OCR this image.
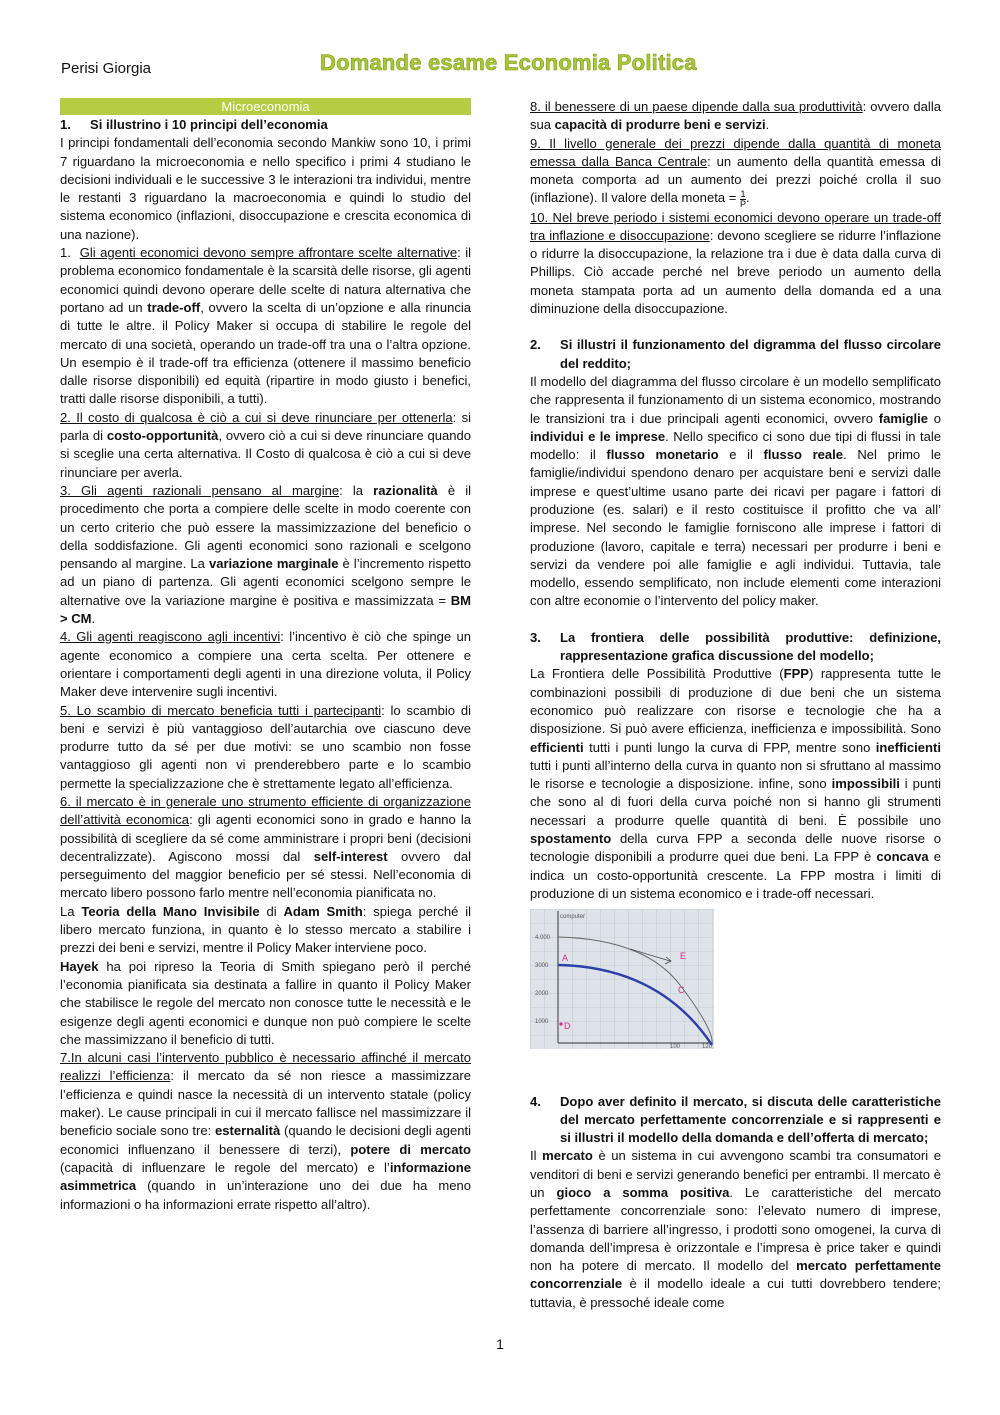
Perisi Giorgia	Domande esame Economia Politica
Microeconomia
1.	Si illustrino i 10 principi dell’economia

I principi fondamentali dell’economia secondo Mankiw sono 10, i primi 7 riguardano la microeconomia e nello specifico i primi 4 studiano le decisioni individuali e le successive 3 le interazioni tra individui, mentre le restanti 3 riguardano la macroeconomia e quindi lo studio del sistema economico (inflazioni, disoccupazione e crescita economica di una nazione).

1. Gli agenti economici devono sempre affrontare scelte alternative: il problema economico fondamentale è la scarsità delle risorse, gli agenti economici quindi devono operare delle scelte di natura alternativa che portano ad un trade-off, ovvero la scelta di un’opzione e alla rinuncia di tutte le altre. il Policy Maker si occupa di stabilire le regole del mercato di una società, operando un trade-off tra una o l’altra opzione. Un esempio è il trade-off tra efficienza (ottenere il massimo beneficio dalle risorse disponibili) ed equità (ripartire in modo giusto i benefici, tratti dalle risorse disponibili, a tutti).

2. Il costo di qualcosa è ciò a cui si deve rinunciare per ottenerla: si parla di costo-opportunità, ovvero ciò a cui si deve rinunciare quando si sceglie una certa alternativa. Il Costo di qualcosa è ciò a cui si deve rinunciare per averla.

3. Gli agenti razionali pensano al margine: la razionalità è il procedimento che porta a compiere delle scelte in modo coerente con un certo criterio che può essere la massimizzazione del beneficio o della soddisfazione. Gli agenti economici sono razionali e scelgono pensando al margine. La variazione marginale è l’incremento rispetto ad un piano di partenza. Gli agenti economici scelgono sempre le alternative ove la variazione margine è positiva e massimizzata = BM > CM.

4. Gli agenti reagiscono agli incentivi: l’incentivo è ciò che spinge un agente economico a compiere una certa scelta. Per ottenere e orientare i comportamenti degli agenti in una direzione voluta, il Policy Maker deve intervenire sugli incentivi.

5. Lo scambio di mercato beneficia tutti i partecipanti: lo scambio di beni e servizi è più vantaggioso dell’autarchia ove ciascuno deve produrre tutto da sé per due motivi: se uno scambio non fosse vantaggioso gli agenti non vi prenderebbero parte e lo scambio permette la specializzazione che è strettamente legato all’efficienza.

6. il mercato è in generale uno strumento efficiente di organizzazione dell’attività economica: gli agenti economici sono in grado e hanno la possibilità di scegliere da sé come amministrare i propri beni (decisioni decentralizzate). Agiscono mossi dal self-interest ovvero dal perseguimento del maggior beneficio per sé stessi. Nell’economia di mercato libero possono farlo mentre nell’economia pianificata no.

La Teoria della Mano Invisibile di Adam Smith: spiega perché il libero mercato funziona, in quanto è lo stesso mercato a stabilire i prezzi dei beni e servizi, mentre il Policy Maker interviene poco.

Hayek ha poi ripreso la Teoria di Smith spiegano però il perché l’economia pianificata sia destinata a fallire in quanto il Policy Maker che stabilisce le regole del mercato non conosce tutte le necessità e le esigenze degli agenti economici e dunque non può compiere le scelte che massimizzano il beneficio di tutti.

7.In alcuni casi l’intervento pubblico è necessario affinché il mercato realizzi l’efficienza: il mercato da sé non riesce a massimizzare l’efficienza e quindi nasce la necessità di un intervento statale (policy maker). Le cause principali in cui il mercato fallisce nel massimizzare il beneficio sociale sono tre: esternalità (quando le decisioni degli agenti economici influenzano il benessere di terzi), potere di mercato (capacità di influenzare le regole del mercato) e l’informazione asimmetrica (quando in un’interazione uno dei due ha meno informazioni o ha informazioni errate rispetto all’altro).

8. il benessere di un paese dipende dalla sua produttività: ovvero dalla sua capacità di produrre beni e servizi.

9. Il livello generale dei prezzi dipende dalla quantità di moneta emessa dalla Banca Centrale: un aumento della quantità emessa di moneta comporta ad un aumento dei prezzi poiché crolla il suo (inflazione). Il valore della moneta = $\frac{1}{P}$ .

10. Nel breve periodo i sistemi economici devono operare un trade-off tra inflazione e disoccupazione: devono scegliere se ridurre l’inflazione o ridurre la disoccupazione, la relazione tra i due è data dalla curva di Phillips. Ciò accade perché nel breve periodo un aumento della moneta stampata porta ad un aumento della domanda ed a una diminuzione della disoccupazione.

2.	Si illustri il funzionamento del digramma del flusso circolare del reddito;

Il modello del diagramma del flusso circolare è un modello semplificato che rappresenta il funzionamento di un sistema economico, mostrando le transizioni tra i due principali agenti economici, ovvero famiglie o individui e le imprese. Nello specifico ci sono due tipi di flussi in tale modello: il flusso monetario e il flusso reale. Nel primo le famiglie/individui spendono denaro per acquistare beni e servizi dalle imprese e quest’ultime usano parte dei ricavi per pagare i fattori di produzione (es. salari) e il resto costituisce il profitto che va all’ imprese. Nel secondo le famiglie forniscono alle imprese i fattori di produzione (lavoro, capitale e terra) necessari per produrre i beni e servizi da vendere poi alle famiglie e agli individui. Tuttavia, tale modello, essendo semplificato, non include elementi come interazioni con altre economie o l’intervento del policy maker.

3.	La frontiera delle possibilità produttive: definizione, rappresentazione grafica discussione del modello;

La Frontiera delle Possibilità Produttive (FPP) rappresenta tutte le combinazioni possibili di produzione di due beni che un sistema economico può realizzare con risorse e tecnologie che ha a disposizione. Si può avere efficienza, inefficienza e impossibilità. Sono efficienti tutti i punti lungo la curva di FPP, mentre sono inefficienti tutti i punti all’interno della curva in quanto non si sfruttano al massimo le risorse e tecnologie a disposizione. infine, sono impossibili i punti che sono al di fuori della curva poiché non si hanno gli strumenti necessari a produrre quelle quantità di beni. È possibile uno spostamento della curva FPP a seconda delle nuove risorse o tecnologie disponibili a produrre quei due beni. La FPP è concava e indica un costo-opportunità crescente. La FPP mostra i limiti di produzione di un sistema economico e i trade-off necessari.

computer
4.000
3000
2000
1000
100	120
A
C
D
E
4.	Dopo aver definito il mercato, si discuta delle caratteristiche del mercato perfettamente concorrenziale e si rappresenti e si illustri il modello della domanda e dell’offerta di mercato;

Il mercato è un sistema in cui avvengono scambi tra consumatori e venditori di beni e servizi generando benefici per entrambi. Il mercato è un gioco a somma positiva. Le caratteristiche del mercato perfettamente concorrenziale sono: l’elevato numero di imprese, l’assenza di barriere all’ingresso, i prodotti sono omogenei, la curva di domanda dell’impresa è orizzontale e l’impresa è price taker e quindi non ha potere di mercato. Il modello del mercato perfettamente concorrenziale è il modello ideale a cui tutti dovrebbero tendere; tuttavia, è pressoché ideale come

1
